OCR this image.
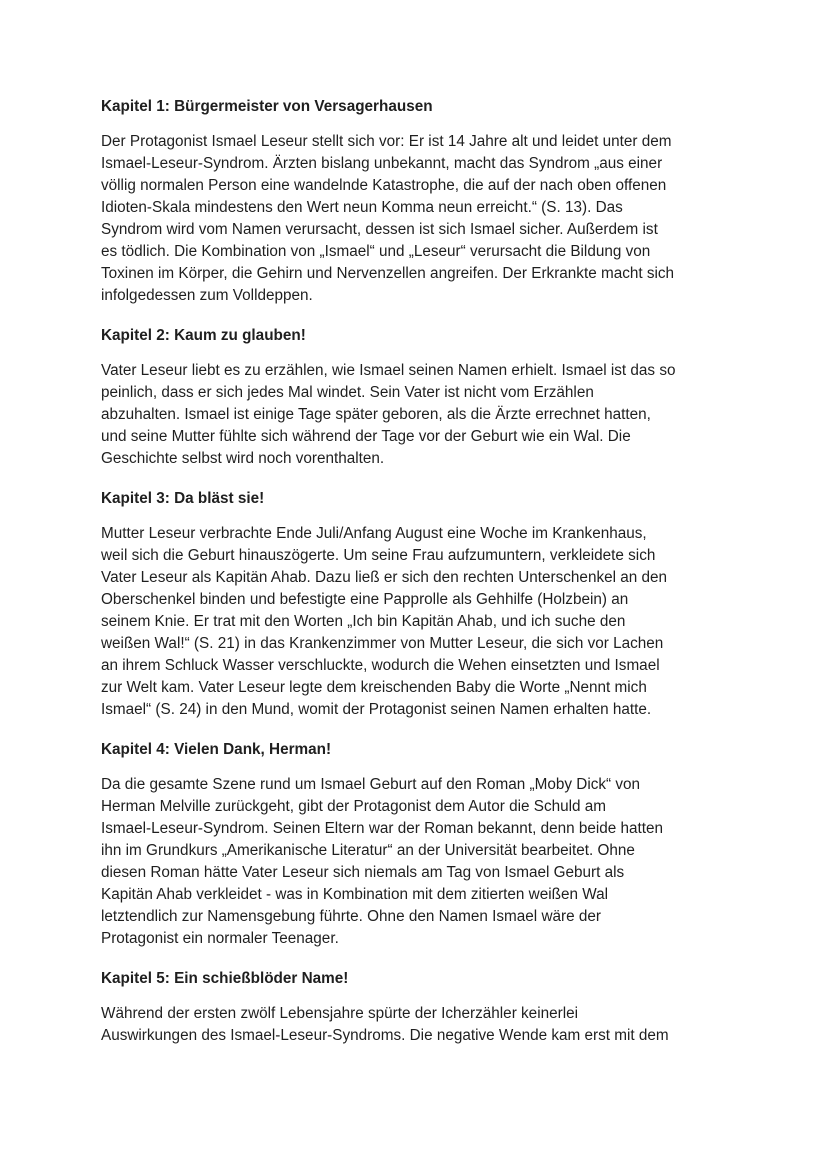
Kapitel 1: Bürgermeister von Versagerhausen
Der Protagonist Ismael Leseur stellt sich vor: Er ist 14 Jahre alt und leidet unter dem
Ismael-Leseur-Syndrom. Ärzten bislang unbekannt, macht das Syndrom „aus einer
völlig normalen Person eine wandelnde Katastrophe, die auf der nach oben offenen
Idioten-Skala mindestens den Wert neun Komma neun erreicht.“ (S. 13). Das
Syndrom wird vom Namen verursacht, dessen ist sich Ismael sicher. Außerdem ist
es tödlich. Die Kombination von „Ismael“ und „Leseur“ verursacht die Bildung von
Toxinen im Körper, die Gehirn und Nervenzellen angreifen. Der Erkrankte macht sich
infolgedessen zum Volldeppen.
Kapitel 2: Kaum zu glauben!
Vater Leseur liebt es zu erzählen, wie Ismael seinen Namen erhielt. Ismael ist das so
peinlich, dass er sich jedes Mal windet. Sein Vater ist nicht vom Erzählen
abzuhalten. Ismael ist einige Tage später geboren, als die Ärzte errechnet hatten,
und seine Mutter fühlte sich während der Tage vor der Geburt wie ein Wal. Die
Geschichte selbst wird noch vorenthalten.
Kapitel 3: Da bläst sie!
Mutter Leseur verbrachte Ende Juli/Anfang August eine Woche im Krankenhaus,
weil sich die Geburt hinauszögerte. Um seine Frau aufzumuntern, verkleidete sich
Vater Leseur als Kapitän Ahab. Dazu ließ er sich den rechten Unterschenkel an den
Oberschenkel binden und befestigte eine Papprolle als Gehhilfe (Holzbein) an
seinem Knie. Er trat mit den Worten „Ich bin Kapitän Ahab, und ich suche den
weißen Wal!“ (S. 21) in das Krankenzimmer von Mutter Leseur, die sich vor Lachen
an ihrem Schluck Wasser verschluckte, wodurch die Wehen einsetzten und Ismael
zur Welt kam. Vater Leseur legte dem kreischenden Baby die Worte „Nennt mich
Ismael“ (S. 24) in den Mund, womit der Protagonist seinen Namen erhalten hatte.
Kapitel 4: Vielen Dank, Herman!
Da die gesamte Szene rund um Ismael Geburt auf den Roman „Moby Dick“ von
Herman Melville zurückgeht, gibt der Protagonist dem Autor die Schuld am
Ismael-Leseur-Syndrom. Seinen Eltern war der Roman bekannt, denn beide hatten
ihn im Grundkurs „Amerikanische Literatur“ an der Universität bearbeitet. Ohne
diesen Roman hätte Vater Leseur sich niemals am Tag von Ismael Geburt als
Kapitän Ahab verkleidet - was in Kombination mit dem zitierten weißen Wal
letztendlich zur Namensgebung führte. Ohne den Namen Ismael wäre der
Protagonist ein normaler Teenager.
Kapitel 5: Ein schießblöder Name!
Während der ersten zwölf Lebensjahre spürte der Icherzähler keinerlei
Auswirkungen des Ismael-Leseur-Syndroms. Die negative Wende kam erst mit dem
